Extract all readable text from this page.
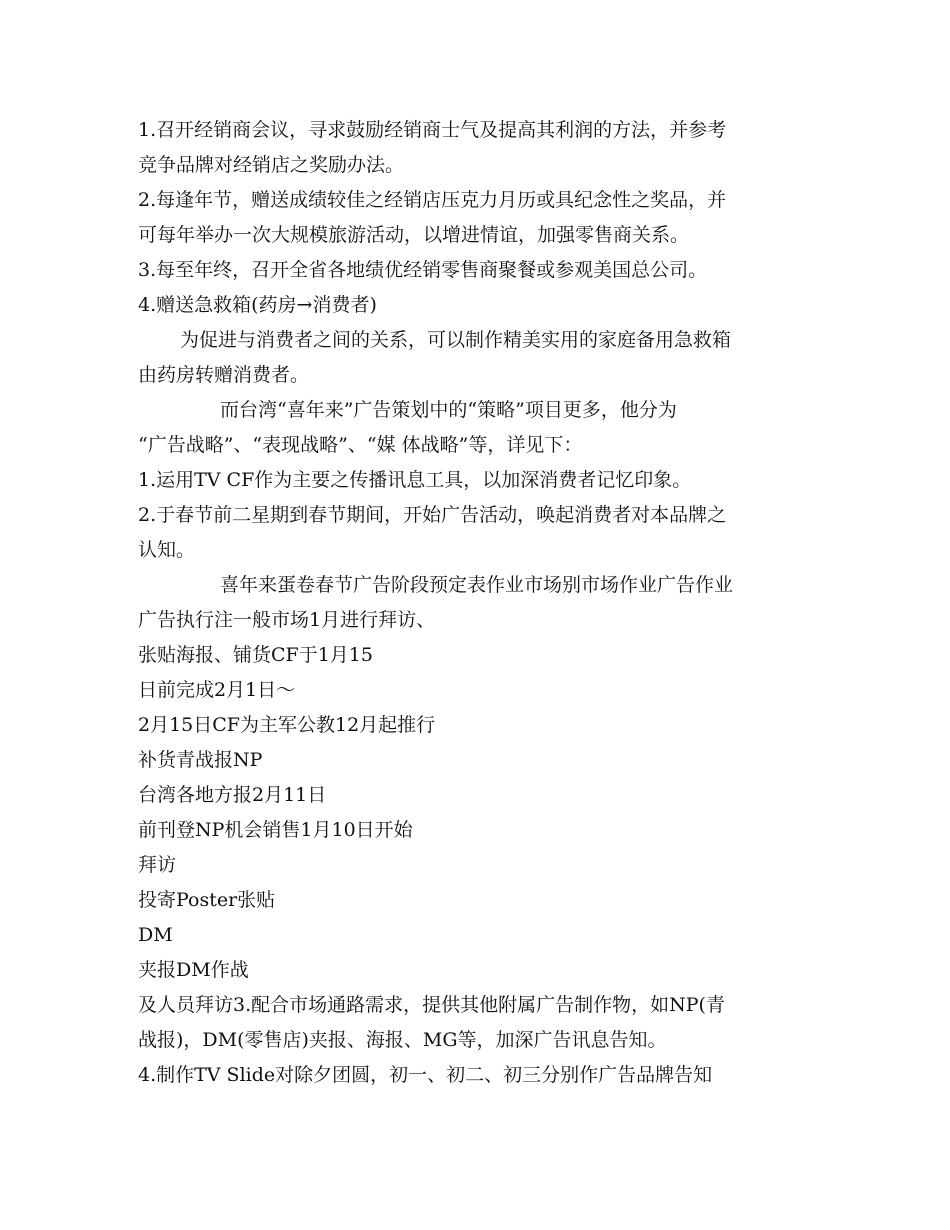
1.召开经销商会议，寻求鼓励经销商士气及提高其利润的方法，并参考
竞争品牌对经销店之奖励办法。
2.每逢年节，赠送成绩较佳之经销店压克力月历或具纪念性之奖品，并
可每年举办一次大规模旅游活动，以增进情谊，加强零售商关系。
3.每至年终，召开全省各地绩优经销零售商聚餐或参观美国总公司。
4.赠送急救箱(药房→消费者)
为促进与消费者之间的关系，可以制作精美实用的家庭备用急救箱
由药房转赠消费者。
而台湾“喜年来”广告策划中的“策略”项目更多，他分为
“广告战略”、“表现战略”、“媒 体战略”等，详见下：
1.运用TV CF作为主要之传播讯息工具，以加深消费者记忆印象。
2.于春节前二星期到春节期间，开始广告活动，唤起消费者对本品牌之
认知。
喜年来蛋卷春节广告阶段预定表作业市场别市场作业广告作业
广告执行注一般市场1月进行拜访、
张贴海报、铺货CF于1月15
日前完成2月1日～
2月15日CF为主军公教12月起推行
补货青战报NP
台湾各地方报2月11日
前刊登NP机会销售1月10日开始
拜访
投寄Poster张贴
DM
夹报DM作战
及人员拜访3.配合市场通路需求，提供其他附属广告制作物，如NP(青
战报)，DM(零售店)夹报、海报、MG等，加深广告讯息告知。
4.制作TV Slide对除夕团圆，初一、初二、初三分别作广告品牌告知
